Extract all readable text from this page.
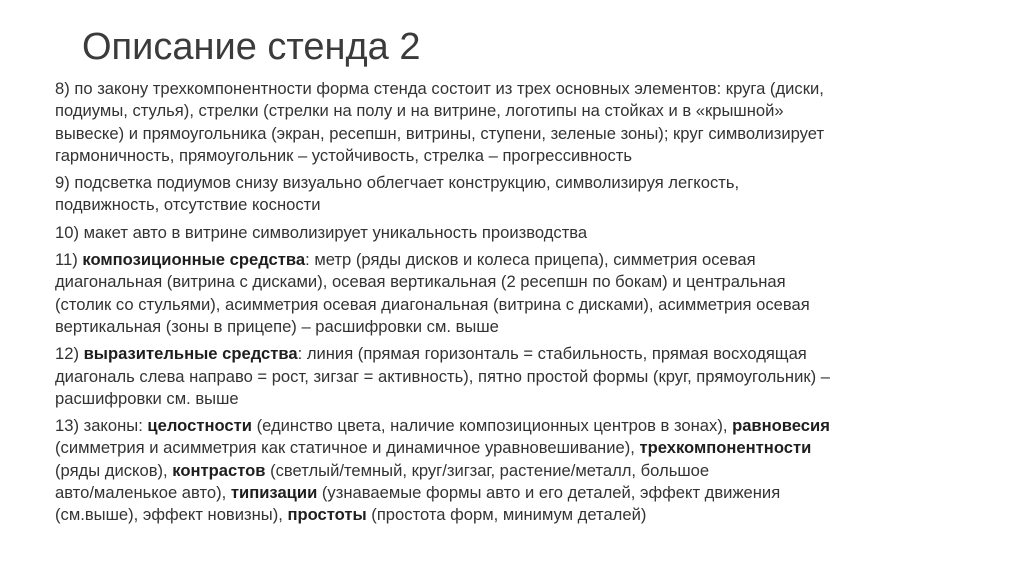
Описание стенда 2

8) по закону трехкомпонентности форма стенда состоит из трех основных элементов: круга (диски,
подиумы, стулья), стрелки (стрелки на полу и на витрине, логотипы на стойках и в «крышной»
вывеске) и прямоугольника (экран, ресепшн, витрины, ступени, зеленые зоны); круг символизирует
гармоничность, прямоугольник – устойчивость, стрелка – прогрессивность

9) подсветка подиумов снизу визуально облегчает конструкцию, символизируя легкость,
подвижность, отсутствие косности

10) макет авто в витрине символизирует уникальность производства

11) композиционные средства: метр (ряды дисков и колеса прицепа), симметрия осевая
диагональная (витрина с дисками), осевая вертикальная (2 ресепшн по бокам) и центральная
(столик со стульями), асимметрия осевая диагональная (витрина с дисками), асимметрия осевая
вертикальная (зоны в прицепе) – расшифровки см. выше

12) выразительные средства: линия (прямая горизонталь = стабильность, прямая восходящая
диагональ слева направо = рост, зигзаг = активность), пятно простой формы (круг, прямоугольник) –
расшифровки см. выше

13) законы: целостности (единство цвета, наличие композиционных центров в зонах), равновесия
(симметрия и асимметрия как статичное и динамичное уравновешивание), трехкомпонентности
(ряды дисков), контрастов (светлый/темный, круг/зигзаг, растение/металл, большое
авто/маленькое авто), типизации (узнаваемые формы авто и его деталей, эффект движения
(см.выше), эффект новизны), простоты (простота форм, минимум деталей)
